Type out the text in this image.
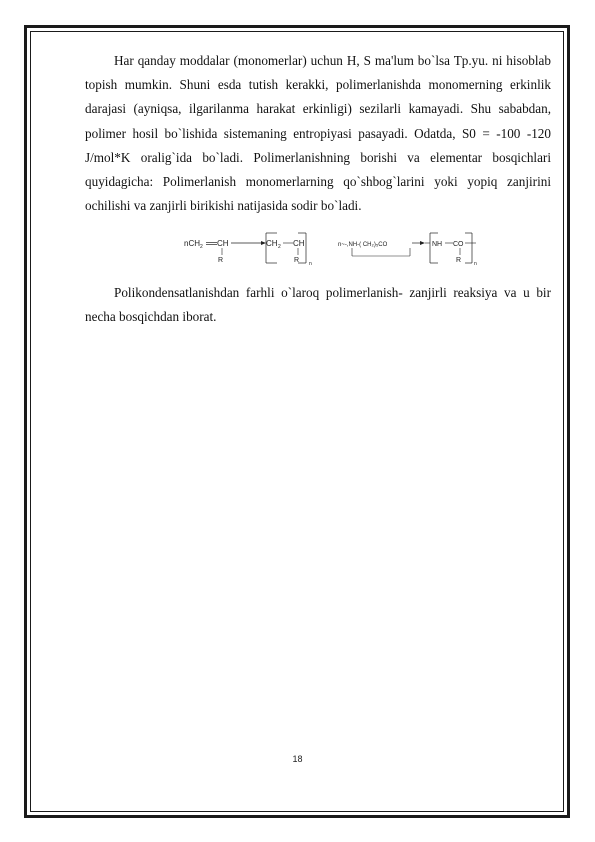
Har qanday moddalar (monomerlar) uchun H, S ma'lum bo`lsa Tp.yu. ni hisoblab topish mumkin. Shuni esda tutish kerakki, polimerlanishda monomerning erkinlik darajasi (ayniqsa, ilgarilanma harakat erkinligi) sezilarli kamayadi. Shu sababdan, polimer hosil bo`lishida sistemaning entropiyasi pasayadi. Odatda, S0 = -100 -120 J/mol*K oralig`ida bo`ladi. Polimerlanishning borishi va elementar bosqichlari quyidagicha: Polimerlanish monomerlarning qo`shbog`larini yoki yopiq zanjirini ochilishi va zanjirli birikishi natijasida sodir bo`ladi.

nCH 2 CH
R
CH 2 CH
R n
n~-,NH-( CH₂)₅CO	NH CO
R	n

Polikondensatlanishdan farhli o`laroq polimerlanish- zanjirli reaksiya va u bir necha bosqichdan iborat.

18
